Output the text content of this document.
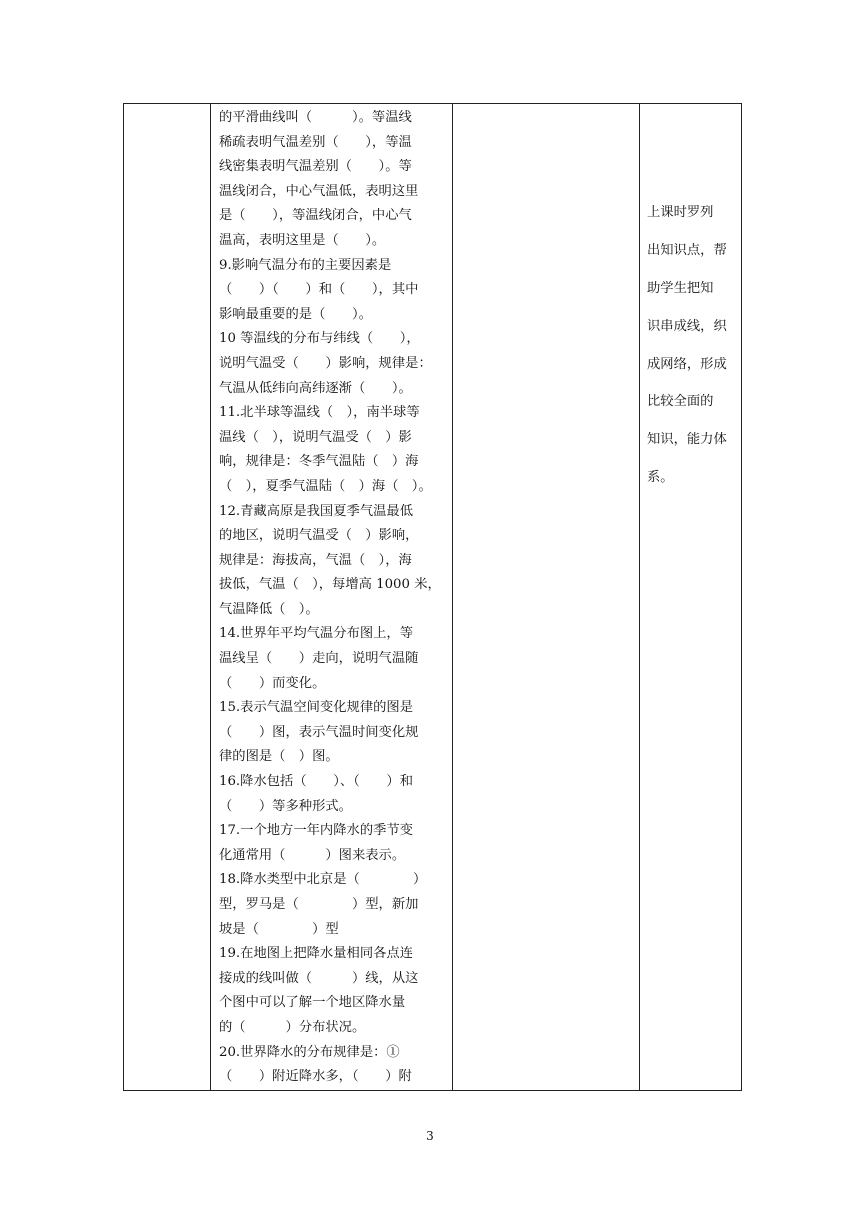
的平滑曲线叫（　　　）。等温线

稀疏表明气温差别（　　），等温

线密集表明气温差别（　　）。等

温线闭合，中心气温低，表明这里

是（　　），等温线闭合，中心气

温高，表明这里是（　　）。

9.影响气温分布的主要因素是

（　　）（　　）和（　　），其中

影响最重要的是（　　）。

10 等温线的分布与纬线（　　），

说明气温受（　　）影响，规律是：

气温从低纬向高纬逐渐（　　）。

11.北半球等温线（　），南半球等

温线（　），说明气温受（　）影

响，规律是：冬季气温陆（　）海

（　），夏季气温陆（　）海（　）。

12.青藏高原是我国夏季气温最低

的地区，说明气温受（　）影响，

规律是：海拔高，气温（　），海

拔低，气温（　），每增高 1000 米，

气温降低（　）。

14.世界年平均气温分布图上，等

温线呈（　　）走向，说明气温随

（　　）而变化。

15.表示气温空间变化规律的图是

（　　）图，表示气温时间变化规

律的图是（　）图。

16.降水包括（　　）、（　　）和

（　　）等多种形式。

17.一个地方一年内降水的季节变

化通常用（　　　）图来表示。

18.降水类型中北京是（　　　　）

型，罗马是（　　　　）型，新加

坡是（　　　　）型

19.在地图上把降水量相同各点连

接成的线叫做（　　　）线，从这

个图中可以了解一个地区降水量

的（　　　）分布状况。

20.世界降水的分布规律是：①

（　　）附近降水多，（　　）附

上课时罗列

出知识点，帮

助学生把知

识串成线，织

成网络，形成

比较全面的

知识，能力体

系。

3
